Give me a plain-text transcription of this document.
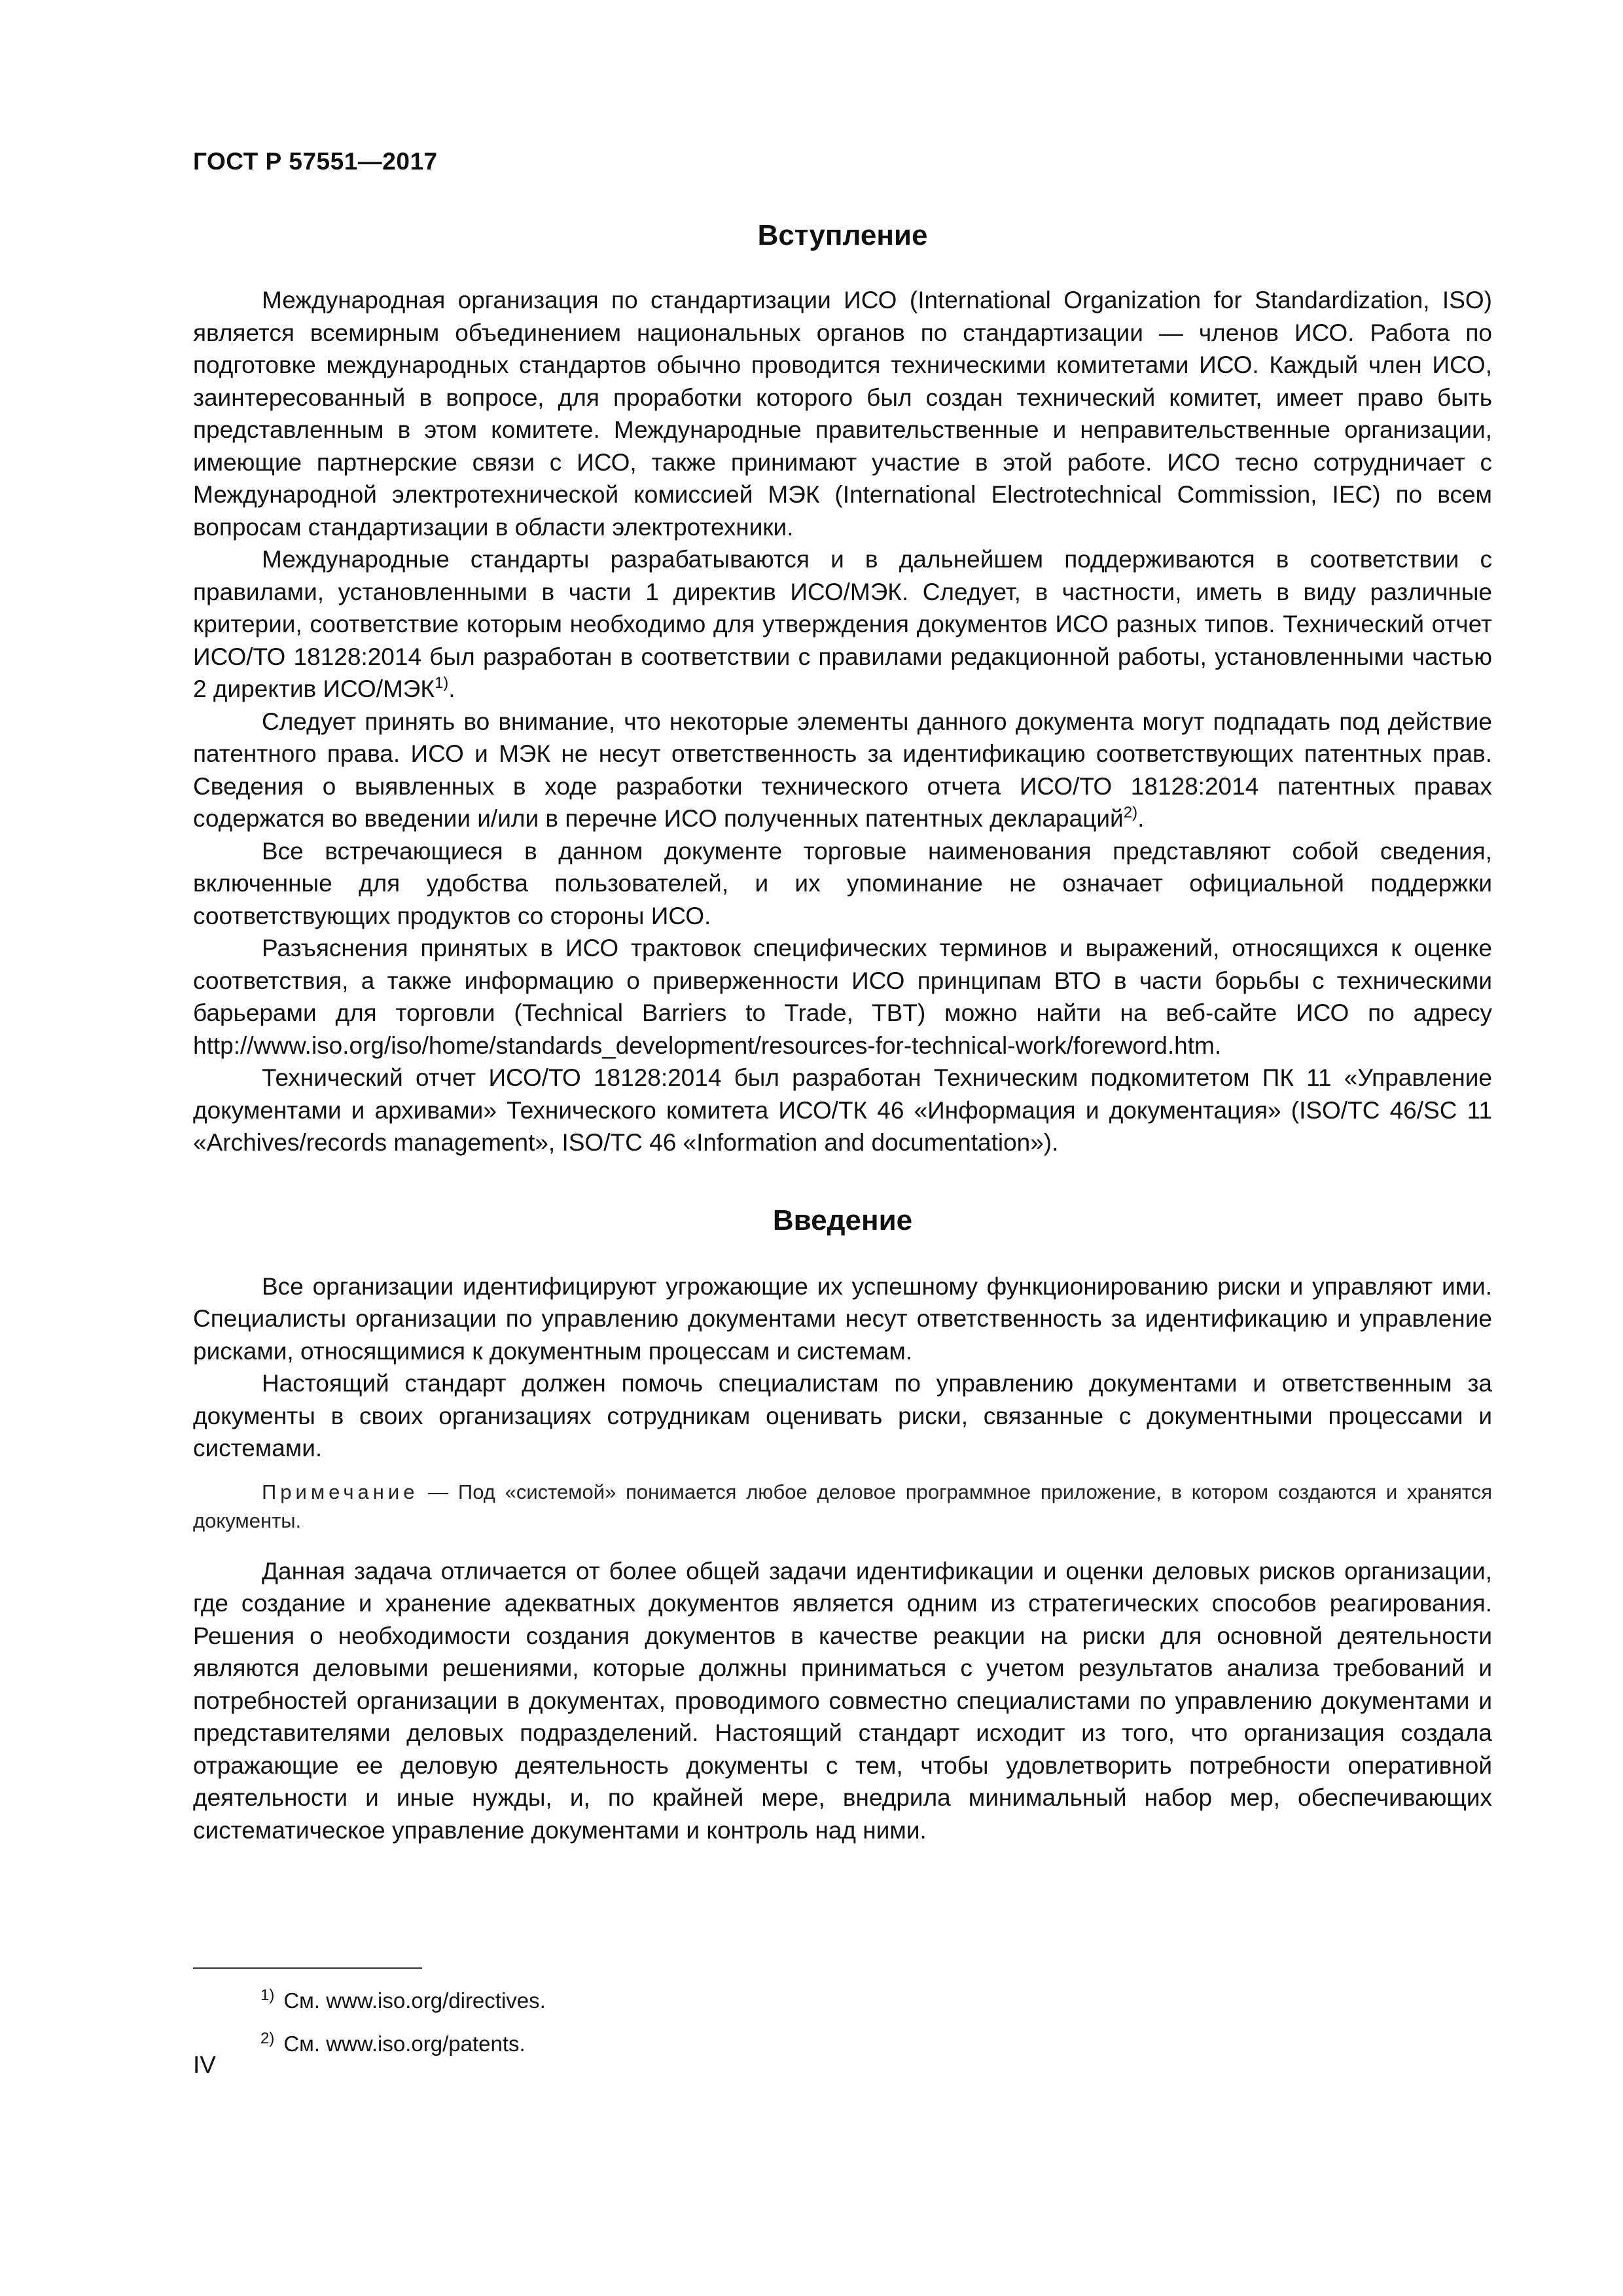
ГОСТ Р 57551—2017
Вступление

Международная организация по стандартизации ИСО (International Organization for Standardization, ISO) является всемирным объединением национальных органов по стандартизации — членов ИСО. Работа по подготовке международных стандартов обычно проводится техническими комитетами ИСО. Каждый член ИСО, заинтересованный в вопросе, для проработки которого был создан технический комитет, имеет право быть представленным в этом комитете. Международные правительственные и неправительственные организации, имеющие партнерские связи с ИСО, также принимают участие в этой работе. ИСО тесно сотрудничает с Международной электротехнической комиссией МЭК (International Electrotechnical Commission, IEC) по всем вопросам стандартизации в области электротехники.

Международные стандарты разрабатываются и в дальнейшем поддерживаются в соответствии с правилами, установленными в части 1 директив ИСО/МЭК. Следует, в частности, иметь в виду различные критерии, соответствие которым необходимо для утверждения документов ИСО разных типов. Технический отчет ИСО/ТО 18128:2014 был разработан в соответствии с правилами редакционной работы, установленными частью 2 директив ИСО/МЭК$^{1)}$.

Следует принять во внимание, что некоторые элементы данного документа могут подпадать под действие патентного права. ИСО и МЭК не несут ответственность за идентификацию соответствующих патентных прав. Сведения о выявленных в ходе разработки технического отчета ИСО/ТО 18128:2014 патентных правах содержатся во введении и/или в перечне ИСО полученных патентных деклараций$^{2)}$.

Все встречающиеся в данном документе торговые наименования представляют собой сведения, включенные для удобства пользователей, и их упоминание не означает официальной поддержки соответствующих продуктов со стороны ИСО.

Разъяснения принятых в ИСО трактовок специфических терминов и выражений, относящихся к оценке соответствия, а также информацию о приверженности ИСО принципам ВТО в части борьбы с техническими барьерами для торговли (Technical Barriers to Trade, TBT) можно найти на веб-сайте ИСО по адресу http://www.iso.org/iso/home/standards_development/resources-for-technical-work/foreword.htm.

Технический отчет ИСО/ТО 18128:2014 был разработан Техническим подкомитетом ПК 11 «Управление документами и архивами» Технического комитета ИСО/ТК 46 «Информация и документация» (ISO/TC 46/SC 11 «Archives/records management», ISO/TC 46 «Information and documentation»).

Введение

Все организации идентифицируют угрожающие их успешному функционированию риски и управляют ими. Специалисты организации по управлению документами несут ответственность за идентификацию и управление рисками, относящимися к документным процессам и системам.

Настоящий стандарт должен помочь специалистам по управлению документами и ответственным за документы в своих организациях сотрудникам оценивать риски, связанные с документными процессами и системами.

Примечание — Под «системой» понимается любое деловое программное приложение, в котором создаются и хранятся документы.

Данная задача отличается от более общей задачи идентификации и оценки деловых рисков организации, где создание и хранение адекватных документов является одним из стратегических способов реагирования. Решения о необходимости создания документов в качестве реакции на риски для основной деятельности являются деловыми решениями, которые должны приниматься с учетом результатов анализа требований и потребностей организации в документах, проводимого совместно специалистами по управлению документами и представителями деловых подразделений. Настоящий стандарт исходит из того, что организация создала отражающие ее деловую деятельность документы с тем, чтобы удовлетворить потребности оперативной деятельности и иные нужды, и, по крайней мере, внедрила минимальный набор мер, обеспечивающих систематическое управление документами и контроль над ними.

$^{1)}$ См. www.iso.org/directives.
$^{2)}$ См. www.iso.org/patents.
IV
